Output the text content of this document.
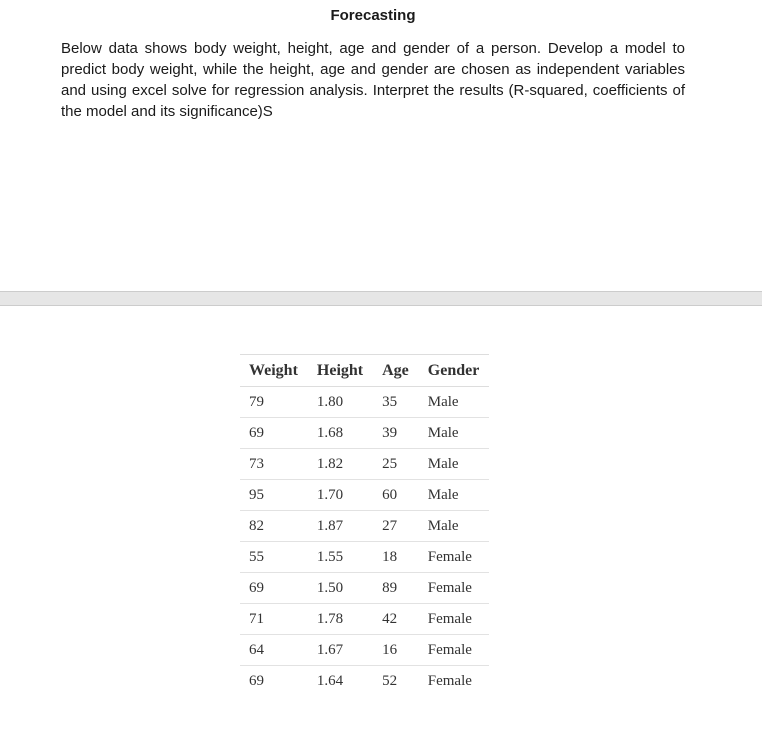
Forecasting

Below data shows body weight, height, age and gender of a person. Develop a model to predict body weight, while the height, age and gender are chosen as independent variables and using excel solve for regression analysis. Interpret the results (R-squared, coefficients of the model and its significance)S

Weight	Height	Age	Gender
79	1.80	35	Male
69	1.68	39	Male
73	1.82	25	Male
95	1.70	60	Male
82	1.87	27	Male
55	1.55	18	Female
69	1.50	89	Female
71	1.78	42	Female
64	1.67	16	Female
69	1.64	52	Female
